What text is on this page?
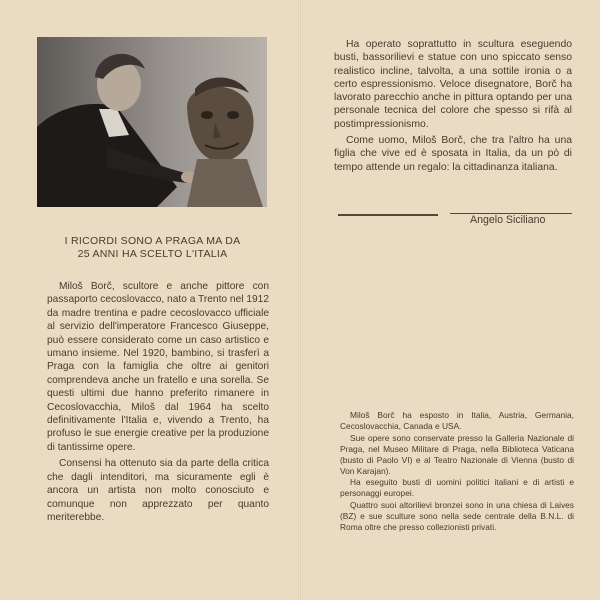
I RICORDI SONO A PRAGA MA DA
25 ANNI HA SCELTO L'ITALIA

Miloš Borč, scultore e anche pittore con passaporto cecoslovacco, nato a Trento nel 1912 da madre trentina e padre cecoslovacco ufficiale al servizio dell'imperatore Francesco Giuseppe, può essere considerato come un caso artistico e umano insieme. Nel 1920, bambino, si trasferì a Praga con la famiglia che oltre ai genitori comprendeva anche un fratello e una sorella. Se questi ultimi due hanno preferito rimanere in Cecoslovacchia, Miloš dal 1964 ha scelto definitivamente l'Italia e, vivendo a Trento, ha profuso le sue energie creative per la produzione di tantissime opere.

Consensi ha ottenuto sia da parte della critica che dagli intenditori, ma sicuramente egli è ancora un artista non molto conosciuto e comunque non apprezzato per quanto meriterebbe.

Ha operato soprattutto in scultura eseguendo busti, bassorilievi e statue con uno spiccato senso realistico incline, talvolta, a una sottile ironia o a certo espressionismo. Veloce disegnatore, Borč ha lavorato parecchio anche in pittura optando per una personale tecnica del colore che spesso si rifà al postimpressionismo.

Come uomo, Miloš Borč, che tra l'altro ha una figlia che vive ed è sposata in Italia, da un pò di tempo attende un regalo: la cittadinanza italiana.

Angelo Siciliano

Miloš Borč ha esposto in Italia, Austria, Germania, Cecoslovacchia, Canada e USA.

Sue opere sono conservate presso la Galleria Nazionale di Praga, nel Museo Militare di Praga, nella Biblioteca Vaticana (busto di Paolo VI) e al Teatro Nazionale di Vienna (busto di Von Karajan).

Ha eseguito busti di uomini politici italiani e di artisti e personaggi europei.

Quattro suoi altorilievi bronzei sono in una chiesa di Laives (BZ) e sue sculture sono nella sede centrale della B.N.L. di Roma oltre che presso collezionisti privati.
